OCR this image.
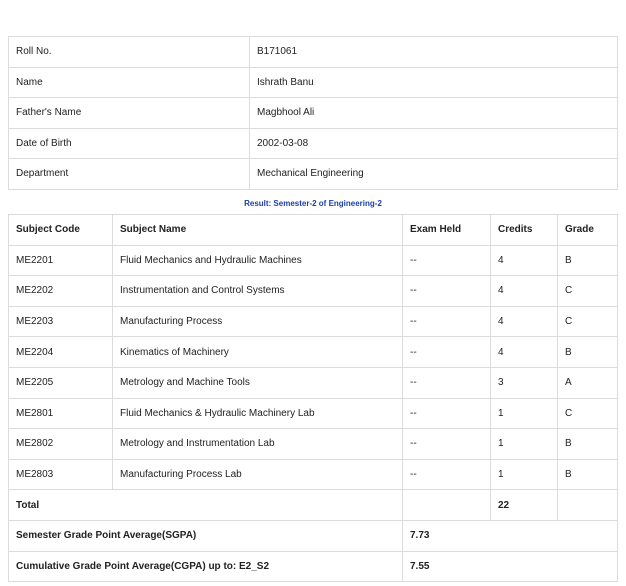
Roll No.	B171061
Name	Ishrath Banu
Father's Name	Magbhool Ali
Date of Birth	2002-03-08
Department	Mechanical Engineering
Result: Semester-2 of Engineering-2
Subject Code	Subject Name	Exam Held	Credits	Grade
ME2201	Fluid Mechanics and Hydraulic Machines	--	4	B
ME2202	Instrumentation and Control Systems	--	4	C
ME2203	Manufacturing Process	--	4	C
ME2204	Kinematics of Machinery	--	4	B
ME2205	Metrology and Machine Tools	--	3	A
ME2801	Fluid Mechanics & Hydraulic Machinery Lab	--	1	C
ME2802	Metrology and Instrumentation Lab	--	1	B
ME2803	Manufacturing Process Lab	--	1	B
Total			22	
Semester Grade Point Average(SGPA)		7.73		
Cumulative Grade Point Average(CGPA) up to: E2_S2		7.55		
